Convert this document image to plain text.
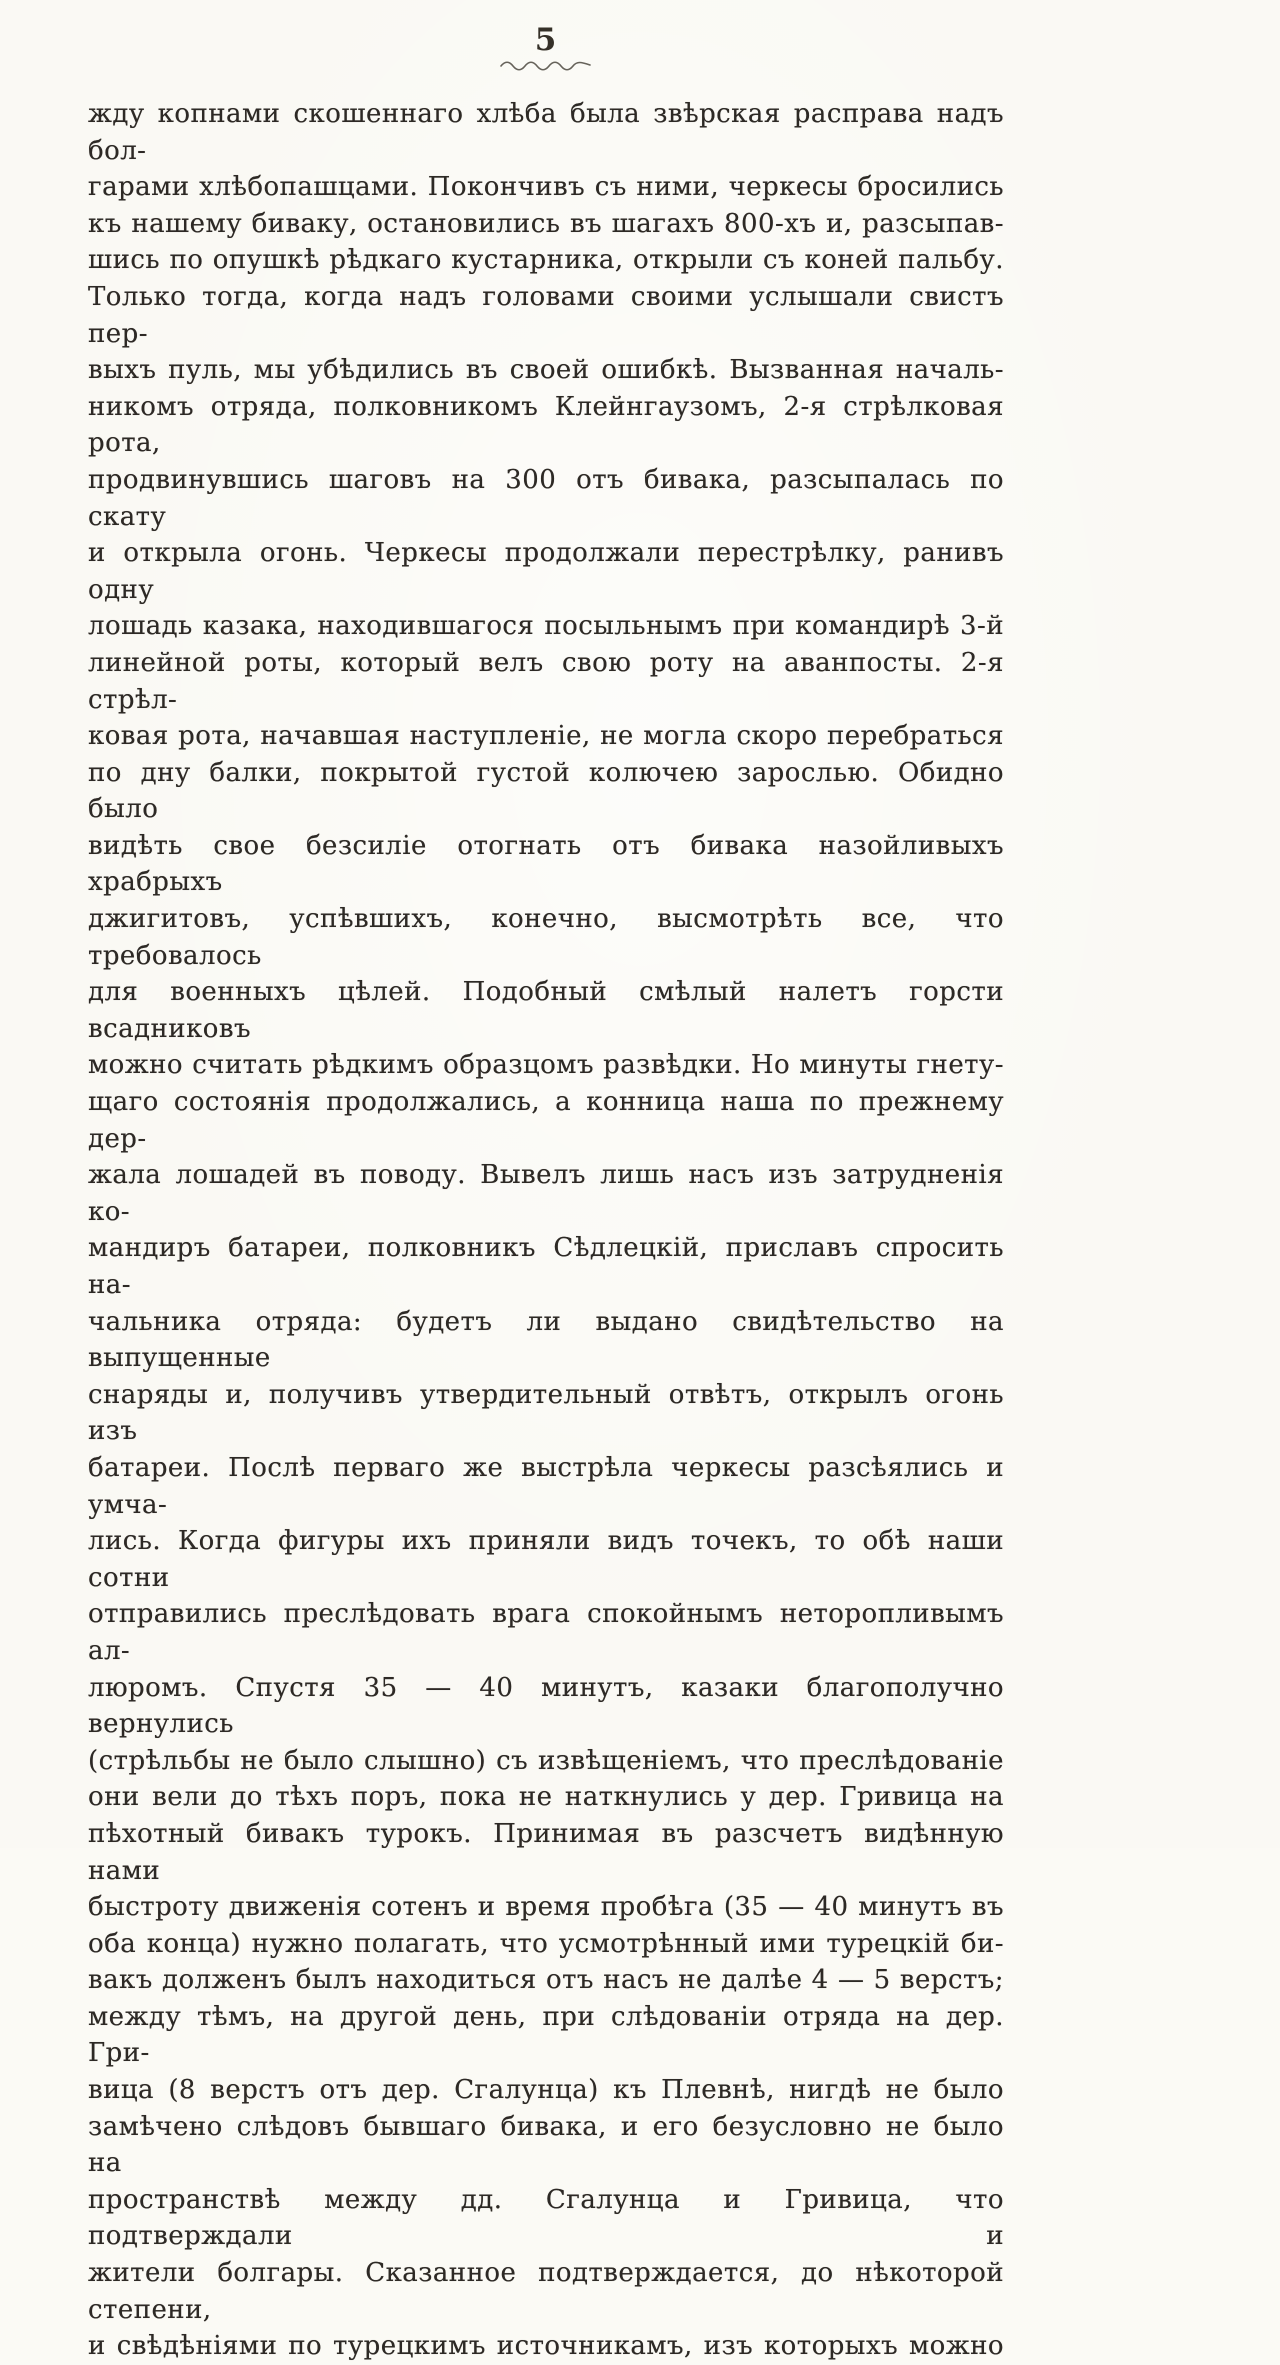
5
жду копнами скошеннаго хлѣба была звѣрская расправа надъ бол-
гарами хлѣбопашцами. Покончивъ съ ними, черкесы бросились
къ нашему биваку, остановились въ шагахъ 800-хъ и, разсыпав-
шись по опушкѣ рѣдкаго кустарника, открыли съ коней пальбу.
Только тогда, когда надъ головами своими услышали свистъ пер-
выхъ пуль, мы убѣдились въ своей ошибкѣ. Вызванная началь-
никомъ отряда, полковникомъ Клейнгаузомъ, 2-я стрѣлковая рота,
продвинувшись шаговъ на 300 отъ бивака, разсыпалась по скату
и открыла огонь. Черкесы продолжали перестрѣлку, ранивъ одну
лошадь казака, находившагося посыльнымъ при командирѣ 3-й
линейной роты, который велъ свою роту на аванпосты. 2-я стрѣл-
ковая рота, начавшая наступленіе, не могла скоро перебраться
по дну балки, покрытой густой колючею зарослью. Обидно было
видѣть свое безсиліе отогнать отъ бивака назойливыхъ храбрыхъ
джигитовъ, успѣвшихъ, конечно, высмотрѣть все, что требовалось
для военныхъ цѣлей. Подобный смѣлый налетъ горсти всадниковъ
можно считать рѣдкимъ образцомъ развѣдки. Но минуты гнету-
щаго состоянія продолжались, а конница наша по прежнему дер-
жала лошадей въ поводу. Вывелъ лишь насъ изъ затрудненія ко-
мандиръ батареи, полковникъ Сѣдлецкій, приславъ спросить на-
чальника отряда: будетъ ли выдано свидѣтельство на выпущенные
снаряды и, получивъ утвердительный отвѣтъ, открылъ огонь изъ
батареи. Послѣ перваго же выстрѣла черкесы разсѣялись и умча-
лись. Когда фигуры ихъ приняли видъ точекъ, то обѣ наши сотни
отправились преслѣдовать врага спокойнымъ неторопливымъ ал-
люромъ. Спустя 35 — 40 минутъ, казаки благополучно вернулись
(стрѣльбы не было слышно) съ извѣщеніемъ, что преслѣдованіе
они вели до тѣхъ поръ, пока не наткнулись у дер. Гривица на
пѣхотный бивакъ турокъ. Принимая въ разсчетъ видѣнную нами
быстроту движенія сотенъ и время пробѣга (35 — 40 минутъ въ
оба конца) нужно полагать, что усмотрѣнный ими турецкій би-
вакъ долженъ былъ находиться отъ насъ не далѣе 4 — 5 верстъ;
между тѣмъ, на другой день, при слѣдованіи отряда на дер. Гри-
вица (8 верстъ отъ дер. Сгалунца) къ Плевнѣ, нигдѣ не было
замѣчено слѣдовъ бывшаго бивака, и его безусловно не было на
пространствѣ между дд. Сгалунца и Гривица, что подтверждали и
жители болгары. Сказанное подтверждается, до нѣкоторой степени,
и свѣдѣніями по турецкимъ источникамъ, изъ которыхъ можно
